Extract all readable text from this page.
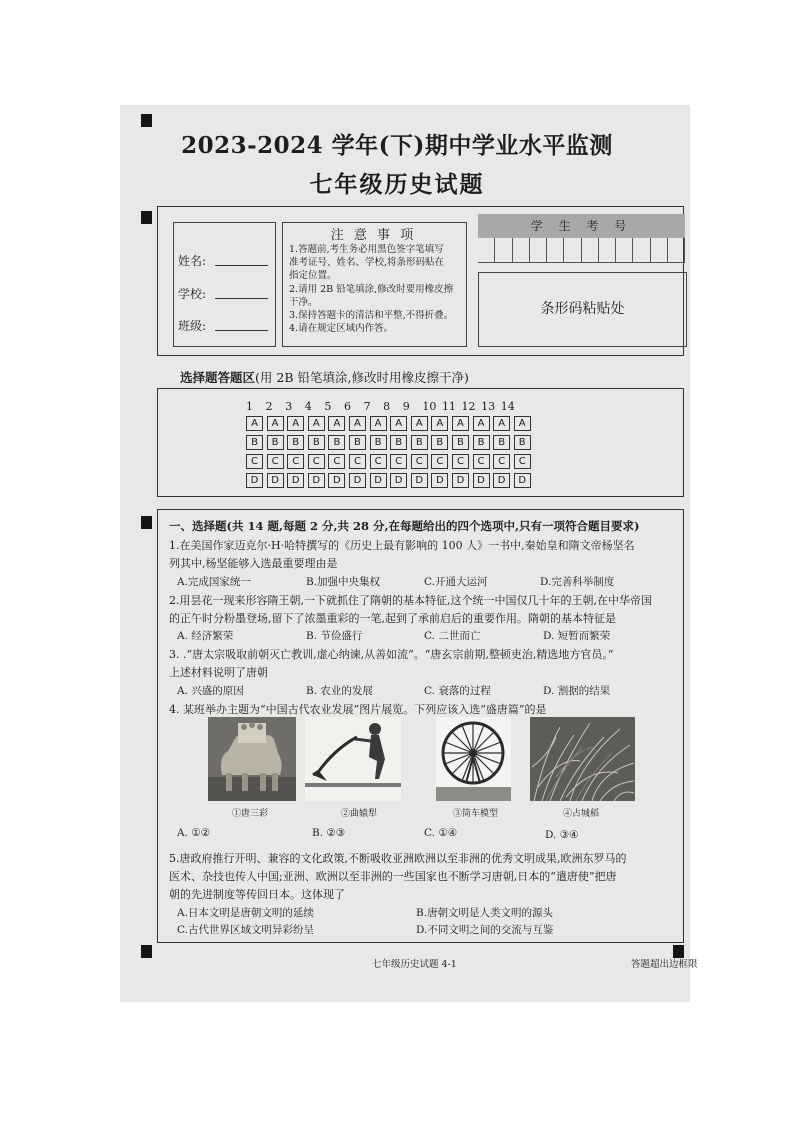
2023-2024 学年(下)期中学业水平监测
七年级历史试题
姓名:
学校:
班级:
注 意 事 项
1.答题前,考生务必用黑色签字笔填写
准考证号、姓名、学校,将条形码贴在
指定位置。
2.请用 2B 铅笔填涂,修改时要用橡皮擦
干净。
3.保持答题卡的清洁和平整,不得折叠。
4.请在规定区域内作答。
学 生 考 号
条形码粘贴处
选择题答题区(用 2B 铅笔填涂,修改时用橡皮擦干净)
1	2	3	4	5	6	7	8	9	10 11 12 13 14
A	A	A	A	A	A	A	A	A	A	A	A	A	A
B	B	B	B	B	B	B	B	B	B	B	B	B	B
C	C	C	C	C	C	C	C	C	C	C	C	C	C
D	D	D	D	D	D	D	D	D	D	D	D	D	D
一、选择题(共 14 题,每题 2 分,共 28 分,在每题给出的四个选项中,只有一项符合题目要求)
1.在美国作家迈克尔·H·哈特撰写的《历史上最有影响的 100 人》一书中,秦始皇和隋文帝杨坚名
列其中,杨坚能够入选最重要理由是
A.完成国家统一	B.加强中央集权	C.开通大运河	D.完善科举制度
2.用昙花一现来形容隋王朝,一下就抓住了隋朝的基本特征,这个统一中国仅几十年的王朝,在中华帝国
的正午时分粉墨登场,留下了浓墨重彩的一笔,起到了承前启后的重要作用。隋朝的基本特征是
A. 经济繁荣	B. 节俭盛行	C. 二世而亡	D. 短暂而繁荣
3. .“唐太宗吸取前朝灭亡教训,虚心纳谏,从善如流”。“唐玄宗前期,整顿吏治,精选地方官员。”
上述材料说明了唐朝
A. 兴盛的原因	B. 农业的发展	C. 衰落的过程	D. 割据的结果
4. 某班举办主题为“中国古代农业发展”图片展览。下列应该入选“盛唐篇”的是
①唐三彩	②曲辕犁	③筒车模型	④占城稻
A. ①②	B. ②③	C. ①④	D. ③④
5.唐政府推行开明、兼容的文化政策,不断吸收亚洲欧洲以至非洲的优秀文明成果,欧洲东罗马的
医术、杂技也传人中国;亚洲、欧洲以至非洲的一些国家也不断学习唐朝,日本的“遣唐使”把唐
朝的先进制度等传回日本。这体现了
A.日本文明是唐朝文明的延续	B.唐朝文明是人类文明的源头
C.古代世界区域文明异彩纷呈	D.不同文明之间的交流与互鉴
七年级历史试题 4-1	答题超出边框限
